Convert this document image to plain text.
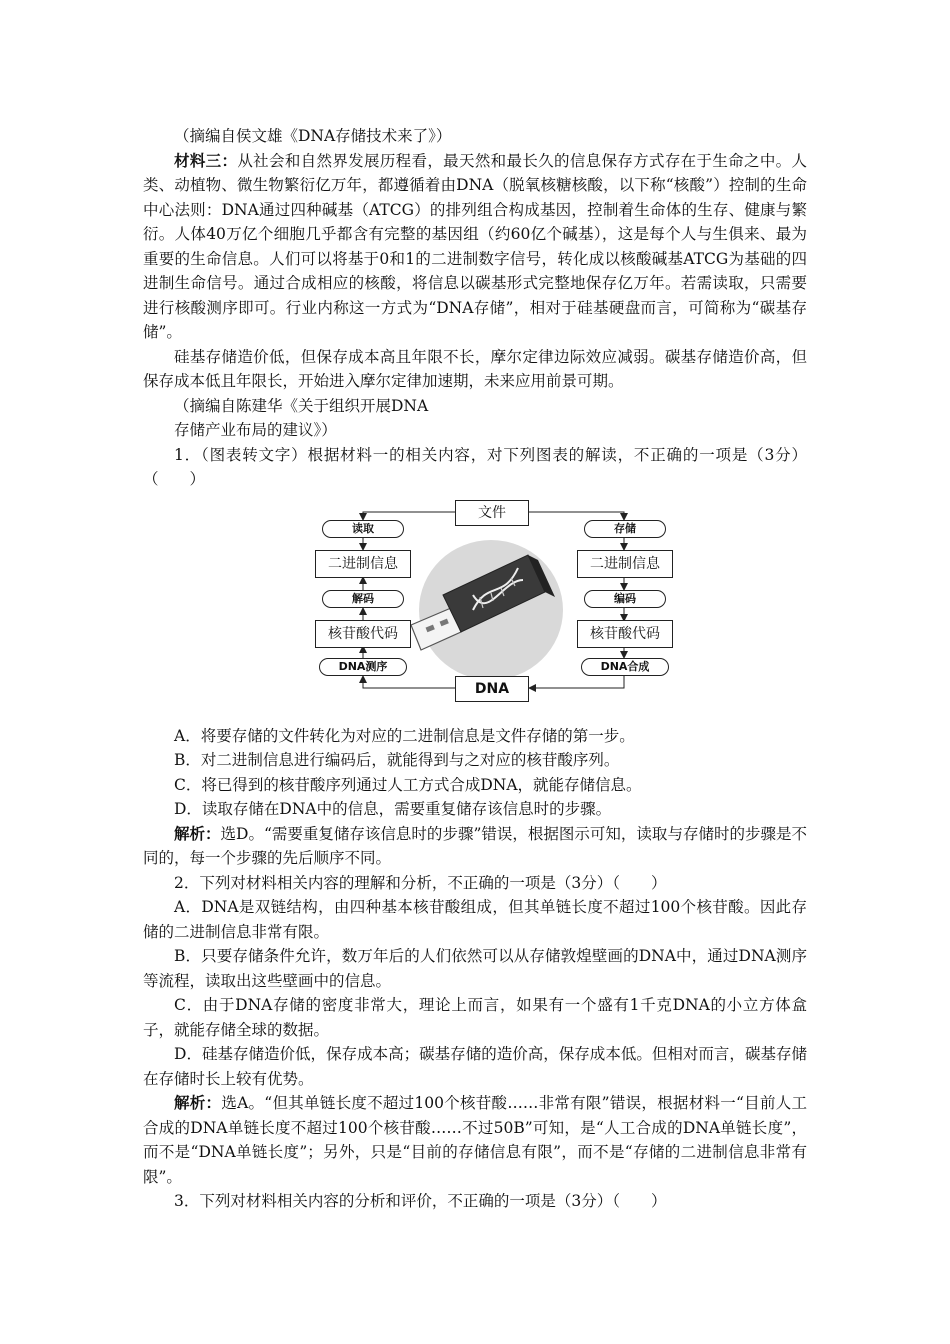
（摘编自侯文雄《DNA存储技术来了》）

材料三：从社会和自然界发展历程看，最天然和最长久的信息保存方式存在于生命之中。人类、动植物、微生物繁衍亿万年，都遵循着由DNA（脱氧核糖核酸，以下称“核酸”）控制的生命中心法则：DNA通过四种碱基（ATCG）的排列组合构成基因，控制着生命体的生存、健康与繁衍。人体40万亿个细胞几乎都含有完整的基因组（约60亿个碱基），这是每个人与生俱来、最为重要的生命信息。人们可以将基于0和1的二进制数字信号，转化成以核酸碱基ATCG为基础的四进制生命信号。通过合成相应的核酸，将信息以碳基形式完整地保存亿万年。若需读取，只需要进行核酸测序即可。行业内称这一方式为“DNA存储”，相对于硅基硬盘而言，可简称为“碳基存储”。

硅基存储造价低，但保存成本高且年限不长，摩尔定律边际效应减弱。碳基存储造价高，但保存成本低且年限长，开始进入摩尔定律加速期，未来应用前景可期。

（摘编自陈建华《关于组织开展DNA

存储产业布局的建议》）

1．（图表转文字）根据材料一的相关内容，对下列图表的解读，不正确的一项是（3分）（　　）

文件
DNA
读取
二进制信息
解码
核苷酸代码
DNA测序
存储
二进制信息
编码
核苷酸代码
DNA合成

A．将要存储的文件转化为对应的二进制信息是文件存储的第一步。

B．对二进制信息进行编码后，就能得到与之对应的核苷酸序列。

C．将已得到的核苷酸序列通过人工方式合成DNA，就能存储信息。

D．读取存储在DNA中的信息，需要重复储存该信息时的步骤。

解析：选D。“需要重复储存该信息时的步骤”错误，根据图示可知，读取与存储时的步骤是不同的，每一个步骤的先后顺序不同。

2．下列对材料相关内容的理解和分析，不正确的一项是（3分）（　　）

A．DNA是双链结构，由四种基本核苷酸组成，但其单链长度不超过100个核苷酸。因此存储的二进制信息非常有限。

B．只要存储条件允许，数万年后的人们依然可以从存储敦煌壁画的DNA中，通过DNA测序等流程，读取出这些壁画中的信息。

C．由于DNA存储的密度非常大，理论上而言，如果有一个盛有1千克DNA的小立方体盒子，就能存储全球的数据。

D．硅基存储造价低，保存成本高；碳基存储的造价高，保存成本低。但相对而言，碳基存储在存储时长上较有优势。

解析：选A。“但其单链长度不超过100个核苷酸……非常有限”错误，根据材料一“目前人工合成的DNA单链长度不超过100个核苷酸……不过50B”可知，是“人工合成的DNA单链长度”，而不是“DNA单链长度”；另外，只是“目前的存储信息有限”，而不是“存储的二进制信息非常有限”。

3．下列对材料相关内容的分析和评价，不正确的一项是（3分）（　　）
